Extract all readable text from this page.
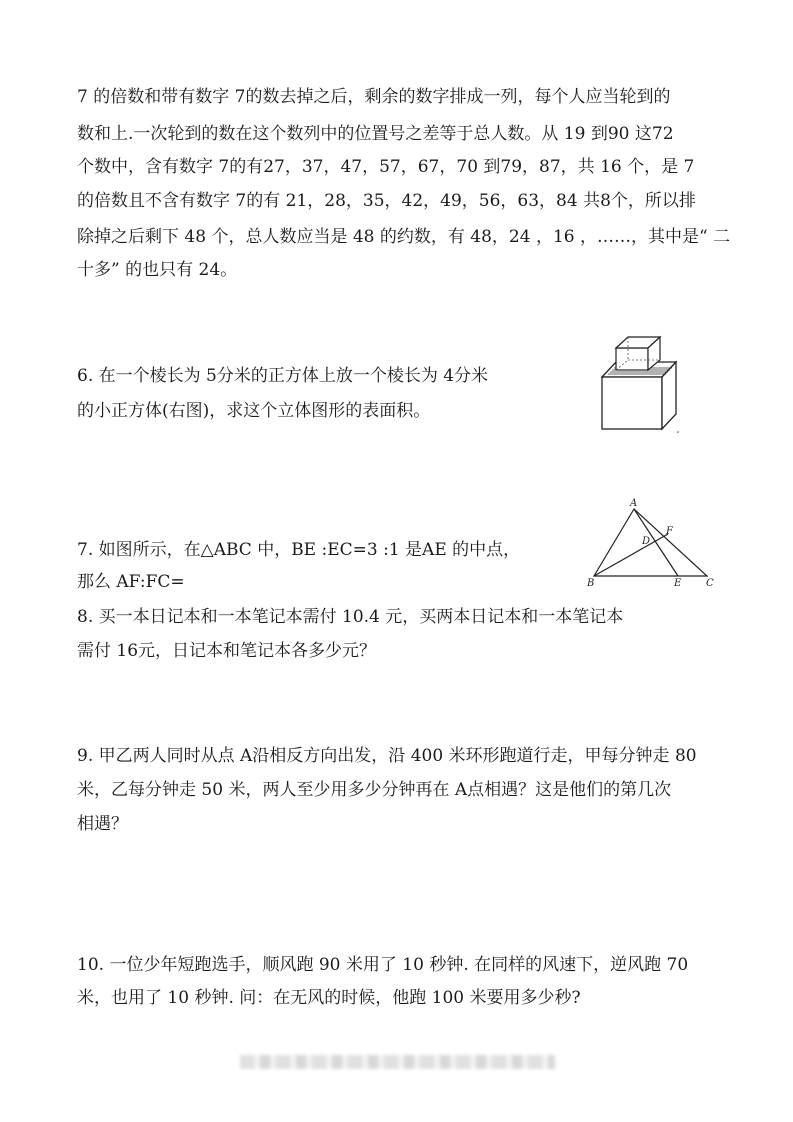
7 的倍数和带有数字 7的数去掉之后，剩余的数字排成一列，每个人应当轮到的
数和上.一次轮到的数在这个数列中的位置号之差等于总人数。从 19 到90 这72
个数中，含有数字 7的有27，37，47，57，67，70 到79，87，共 16 个，是 7
的倍数且不含有数字 7的有 21，28，35，42，49，56，63，84 共8个，所以排
除掉之后剩下 48 个，总人数应当是 48 的约数，有 48，24 ，16 ，……，其中是“ 二
十多” 的也只有 24。
6. 在一个棱长为 5分米的正方体上放一个棱长为 4分米
的小正方体(右图)，求这个立体图形的表面积。
7. 如图所示，在△ABC 中，BE :EC=3 :1 是AE 的中点，
那么 AF:FC=
A
B	C
D
E
F
8. 买一本日记本和一本笔记本需付 10.4 元，买两本日记本和一本笔记本
需付 16元，日记本和笔记本各多少元？
9. 甲乙两人同时从点 A沿相反方向出发，沿 400 米环形跑道行走，甲每分钟走 80
米，乙每分钟走 50 米，两人至少用多少分钟再在 A点相遇？这是他们的第几次
相遇？
10. 一位少年短跑选手，顺风跑 90 米用了 10 秒钟. 在同样的风速下，逆风跑 70
米，也用了 10 秒钟. 问：在无风的时候，他跑 100 米要用多少秒?
